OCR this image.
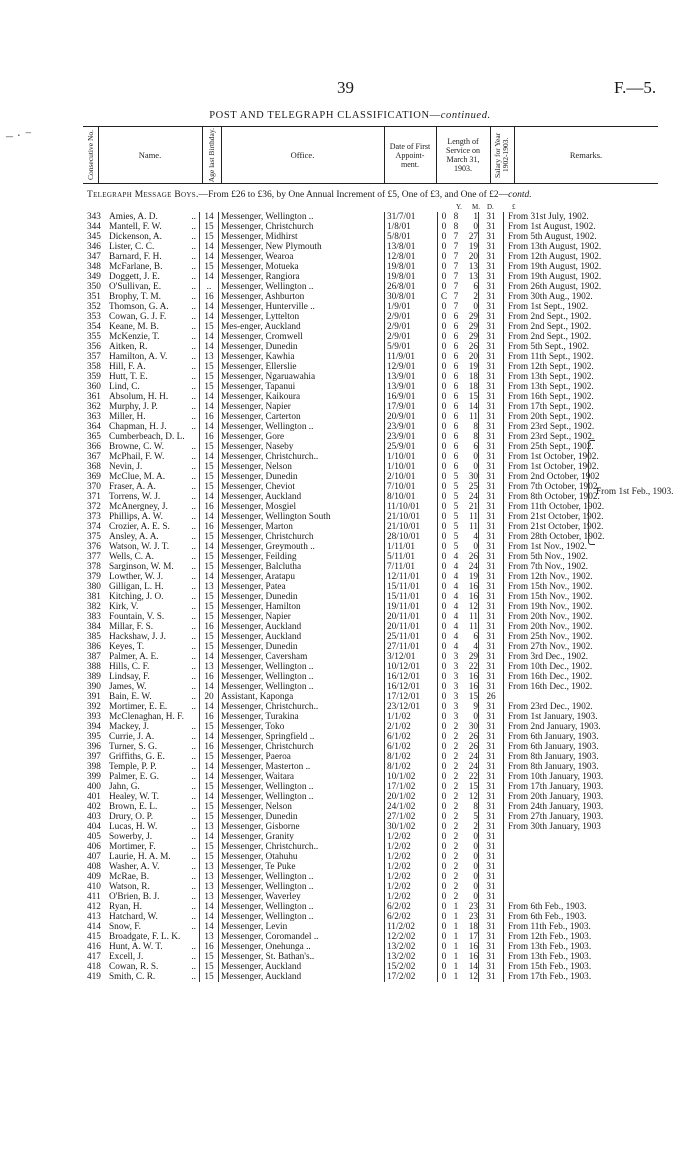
39	F.—5.
POST AND TELEGRAPH CLASSIFICATION—continued.
– · ⁻	Consecutive No.	Name.	Age last Birthday.	Office.
Date of First Appoint-ment.
Length of Service on March 31, 1903.	Salary for Year 1902-1903.	Remarks.
Telegraph Message Boys.—From £26 to £36, by One Annual Increment of £5, One of £3, and One of £2—contd.
Y. M. D.	£
343	Amies, A. D. ..	14	Messenger, Wellington ..	31/7/01	0	8	1	31	From 31st July, 1902.
344	Mantell, F. W. ..	15	Messenger, Christchurch	1/8/01	0	8	0	31	From 1st August, 1902.
345	Dickenson, A. ..	15	Messenger, Midhirst	5/8/01	0	7	27	31	From 5th August, 1902.
346	Lister, C. C. ..	14	Messenger, New Plymouth	13/8/01	0	7	19	31	From 13th August, 1902.
347	Barnard, F. H. ..	14	Messenger, Wearoa	12/8/01	0	7	20	31	From 12th August, 1902.
348	McFarlane, B. ..	15	Messenger, Motueka	19/8/01	0	7	13	31	From 19th August, 1902.
349	Doggett, J. E. ..	14	Messenger, Rangiora	19/8/01	0	7	13	31	From 19th August, 1902.
350	O'Sullivan, E. ..	..	Messenger, Wellington ..	26/8/01	0	7	6	31	From 26th August, 1902.
351	Brophy, T. M. ..	16	Messenger, Ashburton	30/8/01	C	7	2	31	From 30th Aug., 1902.
352	Thomson, G. A. ..	14	Messenger, Hunterville ..	1/9/01	0	7	0	31	From 1st Sept., 1902.
353	Cowan, G. J. F. ..	14	Messenger, Lyttelton	2/9/01	0	6	29	31	From 2nd Sept., 1902.
354	Keane, M. B. ..	15	Mes-enger, Auckland	2/9/01	0	6	29	31	From 2nd Sept., 1902.
355	McKenzie, T. ..	14	Messenger, Cromwell	2/9/01	0	6	29	31	From 2nd Sept., 1902.
356	Aitken, R. ..	14	Messenger, Dunedin	5/9/01	0	6	26	31	From 5th Sept., 1902.
357	Hamilton, A. V. ..	13	Messenger, Kawhia	11/9/01	0	6	20	31	From 11th Sept., 1902.
358	Hill, F. A. ..	15	Messenger, Ellerslie	12/9/01	0	6	19	31	From 12th Sept., 1902.
359	Hutt, T. E. ..	15	Messenger, Ngaruawahia	13/9/01	0	6	18	31	From 13th Sept., 1902.
360	Lind, C. ..	15	Messenger, Tapanui	13/9/01	0	6	18	31	From 13th Sept., 1902.
361	Absolum, H. H. ..	14	Messenger, Kaikoura	16/9/01	0	6	15	31	From 16th Sept., 1902.
362	Murphy, J. P. ..	14	Messenger, Napier	17/9/01	0	6	14	31	From 17th Sept., 1902.
363	Miller, H. ..	16	Messenger, Carterton	20/9/01	0	6	11	31	From 20th Sept., 1902.
364	Chapman, H. J. ..	14	Messenger, Wellington ..	23/9/01	0	6	8	31	From 23rd Sept., 1902.
365	Cumberbeach, D. L.	16	Messenger, Gore	23/9/01	0	6	8	31	From 23rd Sept., 1902.
366	Browne, C. W. ..	15	Messenger, Naseby	25/9/01	0	6	6	31	From 25th Sept., 1902.
367	McPhail, F. W. ..	14	Messenger, Christchurch..	1/10/01	0	6	0	31	From 1st October, 1902.
368	Nevin, J. ..	15	Messenger, Nelson	1/10/01	0	6	0	31	From 1st October, 1902.
369	McClue, M. A. ..	15	Messenger, Dunedin	2/10/01	0	5	30	31	From 2nd October, 1902
370	Fraser, A. A. ..	15	Messenger, Cheviot	7/10/01	0	5	25	31	From 7th October, 1902.
371	Torrens, W. J. ..	14	Messenger, Auckland	8/10/01	0	5	24	31	From 8th October, 1902.
372	McAnergney, J. ..	16	Messenger, Mosgiel	11/10/01	0	5	21	31	From 11th October, 1902.
373	Phillips, A. W. ..	14	Messenger, Wellington South	21/10/01	0	5	11	31	From 21st October, 1902.
374	Crozier, A. E. S. ..	16	Messenger, Marton	21/10/01	0	5	11	31	From 21st October, 1902.
375	Ansley, A. A. ..	15	Messenger, Christchurch	28/10/01	0	5	4	31	From 28th October, 1902.
376	Watson, W. J. T. ..	14	Messenger, Greymouth ..	1/11/01	0	5	0	31	From 1st Nov., 1902.
377	Wells, C. A. ..	15	Messenger, Feilding	5/11/01	0	4	26	31	From 5th Nov., 1902.
378	Sarginson, W. M. ..	15	Messenger, Balclutha	7/11/01	0	4	24	31	From 7th Nov., 1902.
379	Lowther, W. J. ..	14	Messenger, Aratapu	12/11/01	0	4	19	31	From 12th Nov., 1902.
380	Gilligan, L. H. ..	13	Messenger, Patea	15/11/01	0	4	16	31	From 15th Nov., 1902.
381	Kitching, J. O. ..	15	Messenger, Dunedin	15/11/01	0	4	16	31	From 15th Nov., 1902.
382	Kirk, V. ..	15	Messenger, Hamilton	19/11/01	0	4	12	31	From 19th Nov., 1902.
383	Fountain, V. S. ..	15	Messenger, Napier	20/11/01	0	4	11	31	From 20th Nov., 1902.
384	Millar, F. S. ..	16	Messenger, Auckland	20/11/01	0	4	11	31	From 20th Nov., 1902.
385	Hackshaw, J. J. ..	15	Messenger, Auckland	25/11/01	0	4	6	31	From 25th Nov., 1902.
386	Keyes, T. ..	15	Messenger, Dunedin	27/11/01	0	4	4	31	From 27th Nov., 1902.
387	Palmer, A. E. ..	14	Messenger, Caversham	3/12/01	0	3	29	31	From 3rd Dec., 1902.
388	Hills, C. F. ..	13	Messenger, Wellington ..	10/12/01	0	3	22	31	From 10th Dec., 1902.
389	Lindsay, F. ..	16	Messenger, Wellington ..	16/12/01	0	3	16	31	From 16th Dec., 1902.
390	James, W. ..	14	Messenger, Wellington ..	16/12/01	0	3	16	31	From 16th Dec., 1902.
391	Bain, E. W. ..	20	Assistant, Kaponga	17/12/01	0	3	15	26	
392	Mortimer, E. E. ..	14	Messenger, Christchurch..	23/12/01	0	3	9	31	From 23rd Dec., 1902.
393	McClenaghan, H. F.	16	Messenger, Turakina	1/1/02	0	3	0	31	From 1st January, 1903.
394	Mackey, J. ..	15	Messenger, Toko	2/1/02	0	2	30	31	From 2nd January, 1903.
395	Currie, J. A. ..	14	Messenger, Springfield ..	6/1/02	0	2	26	31	From 6th January, 1903.
396	Turner, S. G. ..	16	Messenger, Christchurch	6/1/02	0	2	26	31	From 6th January, 1903.
397	Griffiths, G. E. ..	15	Messenger, Paeroa	8/1/02	0	2	24	31	From 8th January, 1903.
398	Temple, P. P. ..	14	Messenger, Masterton ..	8/1/02	0	2	24	31	From 8th January, 1903.
399	Palmer, E. G. ..	14	Messenger, Waitara	10/1/02	0	2	22	31	From 10th January, 1903.
400	Jahn, G. ..	15	Messenger, Wellington ..	17/1/02	0	2	15	31	From 17th January, 1903.
401	Healey, W. T. ..	14	Messenger, Wellington ..	20/1/02	0	2	12	31	From 20th January, 1903.
402	Brown, E. L. ..	15	Messenger, Nelson	24/1/02	0	2	8	31	From 24th January, 1903.
403	Drury, O. P. ..	15	Messenger, Dunedin	27/1/02	0	2	5	31	From 27th January, 1903.
404	Lucas, H. W. ..	13	Messenger, Gisborne	30/1/02	0	2	2	31	From 30th January, 1903
405	Sowerby, J. ..	14	Messenger, Granity	1/2/02	0	2	0	31	
406	Mortimer, F. ..	15	Messenger, Christchurch..	1/2/02	0	2	0	31	
407	Laurie, H. A. M. ..	15	Messenger, Otahuhu	1/2/02	0	2	0	31	
408	Washer, A. V. ..	13	Messenger, Te Puke	1/2/02	0	2	0	31	
409	McRae, B. ..	13	Messenger, Wellington ..	1/2/02	0	2	0	31	
410	Watson, R. ..	13	Messenger, Wellington ..	1/2/02	0	2	0	31	
411	O'Brien, B. J. ..	13	Messenger, Waverley	1/2/02	0	2	0	31	
412	Ryan, H. ..	14	Messenger, Wellington ..	6/2/02	0	1	23	31	From 6th Feb., 1903.
413	Hatchard, W. ..	14	Messenger, Wellington ..	6/2/02	0	1	23	31	From 6th Feb., 1903.
414	Snow, F. ..	14	Messenger, Levin	11/2/02	0	1	18	31	From 11th Feb., 1903.
415	Broadgate, F. L. K.	13	Messenger, Coromandel ..	12/2/02	0	1	17	31	From 12th Feb., 1903.
416	Hunt, A. W. T. ..	16	Messenger, Onehunga ..	13/2/02	0	1	16	31	From 13th Feb., 1903.
417	Excell, J. ..	15	Messenger, St. Bathan's..	13/2/02	0	1	16	31	From 13th Feb., 1903.
418	Cowan, R. S. ..	15	Messenger, Auckland	15/2/02	0	1	14	31	From 15th Feb., 1903.
419	Smith, C. R. ..	15	Messenger, Auckland	17/2/02	0	1	12	31	From 17th Feb., 1903.
From 1st Feb., 1903.
